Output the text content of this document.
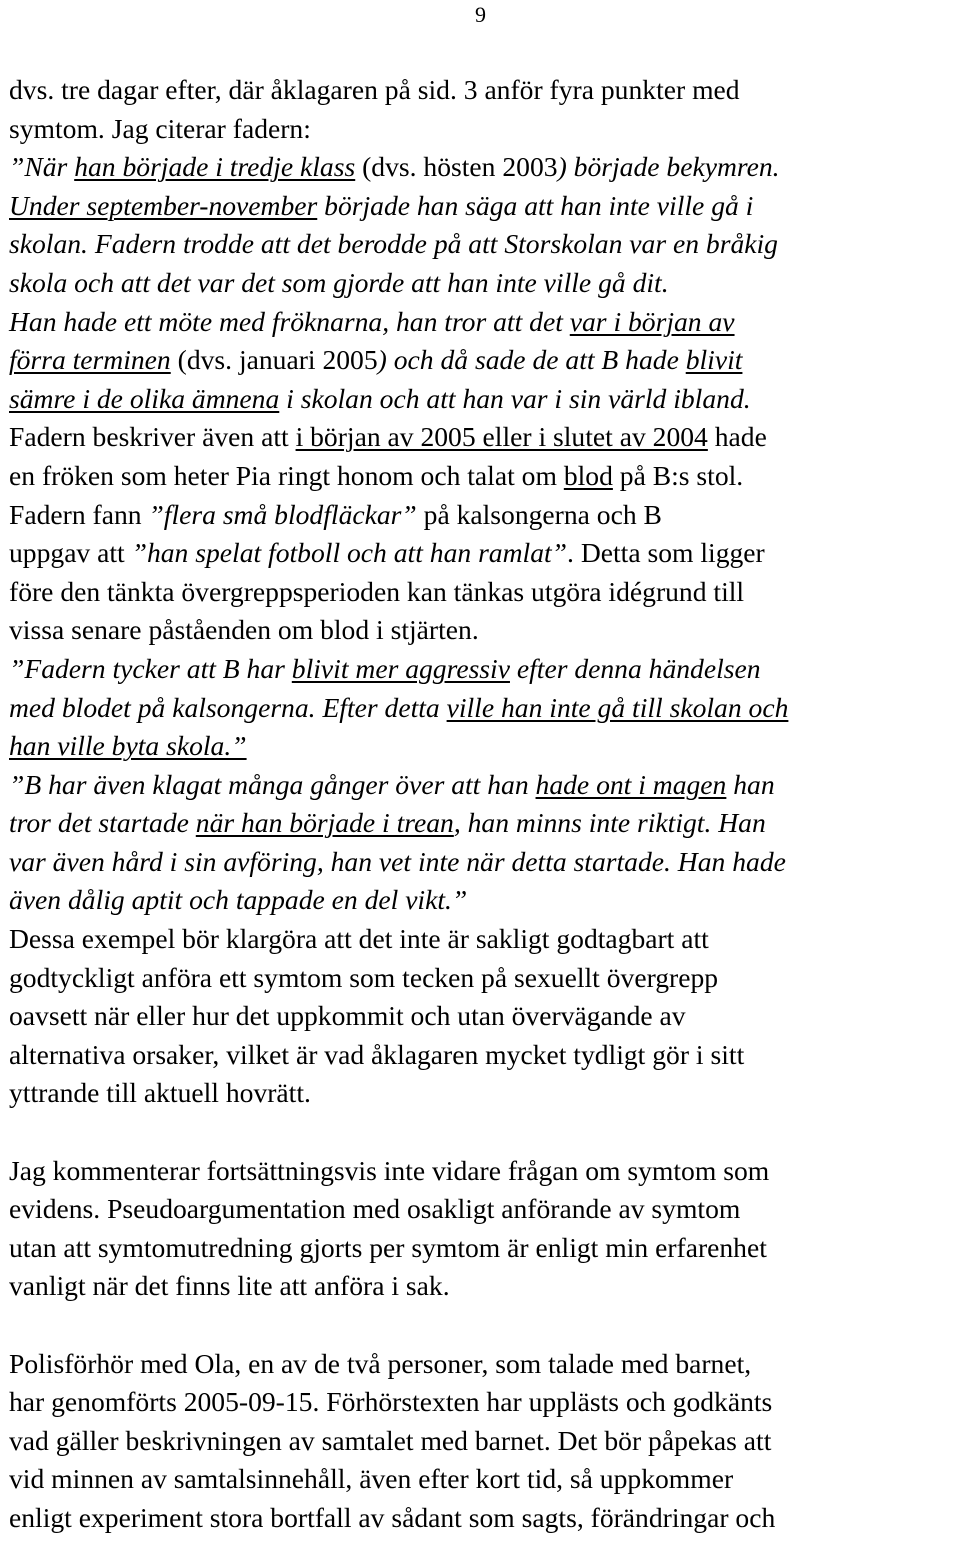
9
dvs. tre dagar efter, där åklagaren på sid. 3 anför fyra punkter med
symtom. Jag citerar fadern:
”När han började i tredje klass (dvs. hösten 2003) började bekymren.
Under september-november började han säga att han inte ville gå i
skolan. Fadern trodde att det berodde på att Storskolan var en bråkig
skola och att det var det som gjorde att han inte ville gå dit.
Han hade ett möte med fröknarna, han tror att det var i början av
förra terminen (dvs. januari 2005) och då sade de att B hade blivit
sämre i de olika ämnena i skolan och att han var i sin värld ibland.
Fadern beskriver även att i början av 2005 eller i slutet av 2004 hade
en fröken som heter Pia ringt honom och talat om blod på B:s stol.
Fadern fann ”flera små blodfläckar” på kalsongerna och B
uppgav att ”han spelat fotboll och att han ramlat”. Detta som ligger
före den tänkta övergreppsperioden kan tänkas utgöra idégrund till
vissa senare påståenden om blod i stjärten.
”Fadern tycker att B har blivit mer aggressiv efter denna händelsen
med blodet på kalsongerna. Efter detta ville han inte gå till skolan och
han ville byta skola.”
”B har även klagat många gånger över att han hade ont i magen han
tror det startade när han började i trean, han minns inte riktigt. Han
var även hård i sin avföring, han vet inte när detta startade. Han hade
även dålig aptit och tappade en del vikt.”
Dessa exempel bör klargöra att det inte är sakligt godtagbart att
godtyckligt anföra ett symtom som tecken på sexuellt övergrepp
oavsett när eller hur det uppkommit och utan övervägande av
alternativa orsaker, vilket är vad åklagaren mycket tydligt gör i sitt
yttrande till aktuell hovrätt.
Jag kommenterar fortsättningsvis inte vidare frågan om symtom som
evidens. Pseudoargumentation med osakligt anförande av symtom
utan att symtomutredning gjorts per symtom är enligt min erfarenhet
vanligt när det finns lite att anföra i sak.
Polisförhör med Ola, en av de två personer, som talade med barnet,
har genomförts 2005-09-15. Förhörstexten har upplästs och godkänts
vad gäller beskrivningen av samtalet med barnet. Det bör påpekas att
vid minnen av samtalsinnehåll, även efter kort tid, så uppkommer
enligt experiment stora bortfall av sådant som sagts, förändringar och
